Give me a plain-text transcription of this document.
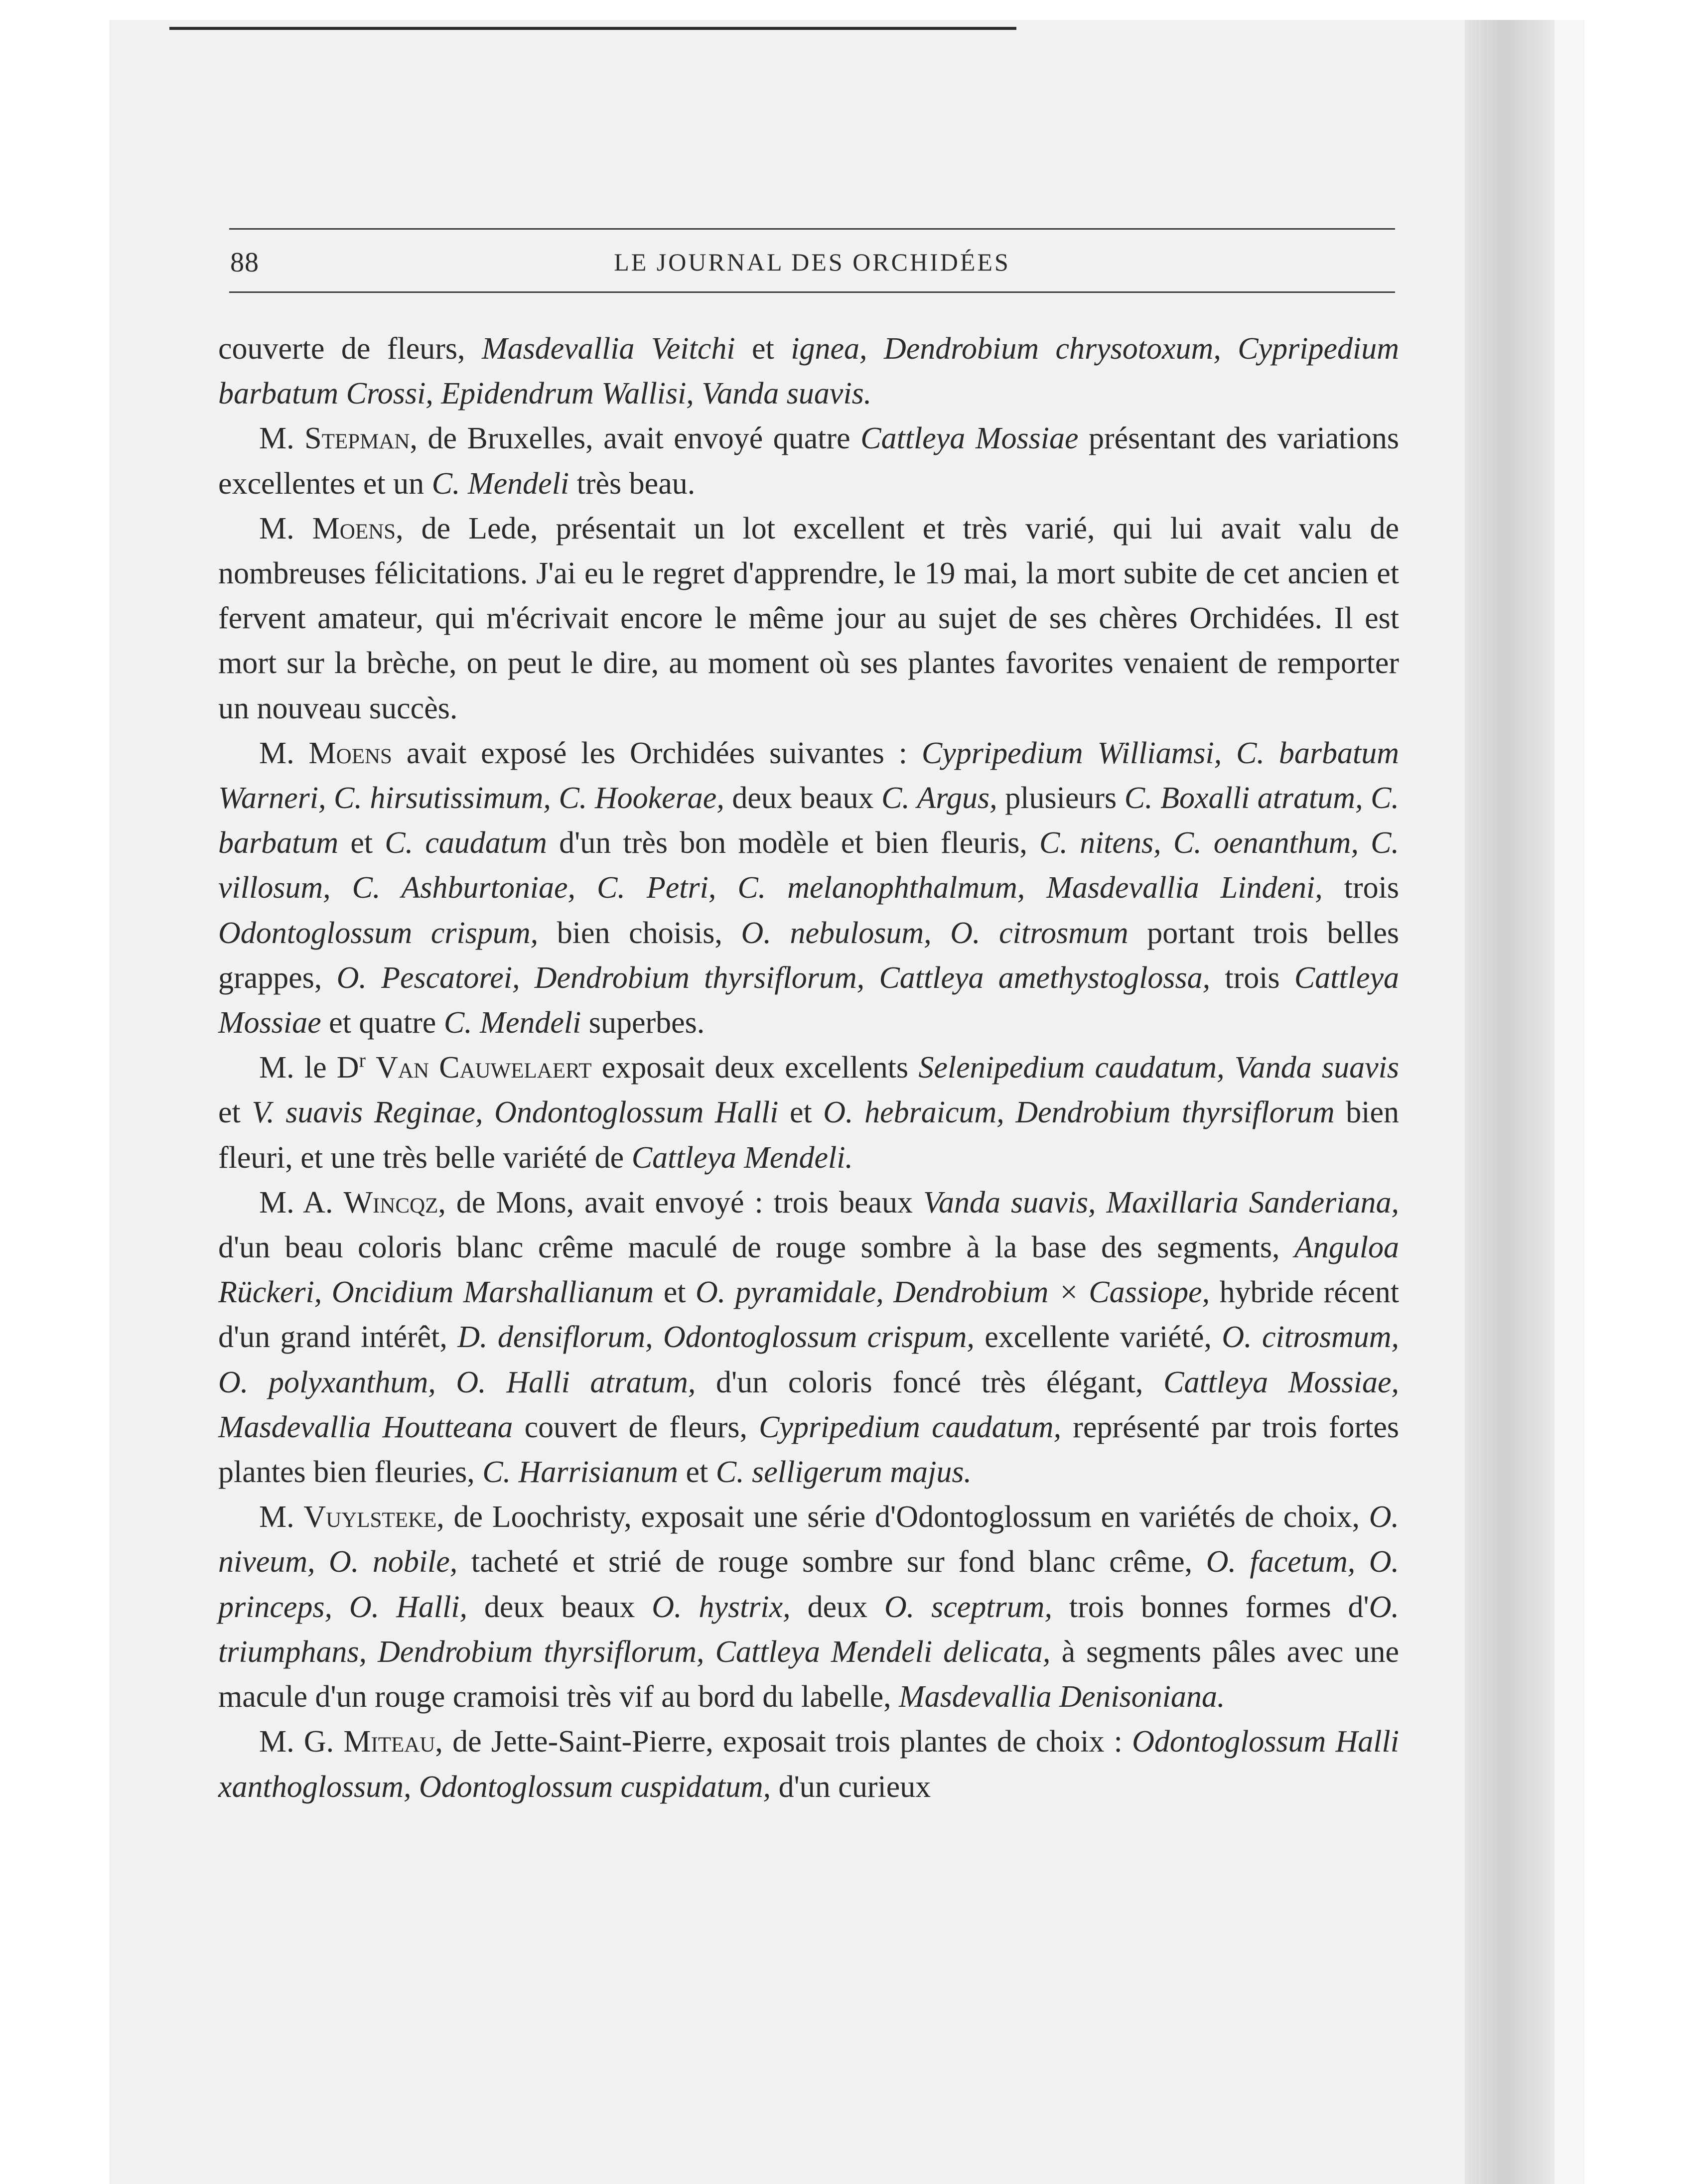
88	LE JOURNAL DES ORCHIDÉES

couverte de fleurs, Masdevallia Veitchi et ignea, Dendrobium chrysotoxum, Cypripedium barbatum Crossi, Epidendrum Wallisi, Vanda suavis.

M. Stepman, de Bruxelles, avait envoyé quatre Cattleya Mossiae présentant des variations excellentes et un C. Mendeli très beau.

M. Moens, de Lede, présentait un lot excellent et très varié, qui lui avait valu de nombreuses félicitations. J'ai eu le regret d'apprendre, le 19 mai, la mort subite de cet ancien et fervent amateur, qui m'écrivait encore le même jour au sujet de ses chères Orchidées. Il est mort sur la brèche, on peut le dire, au moment où ses plantes favorites venaient de remporter un nouveau succès.

M. Moens avait exposé les Orchidées suivantes : Cypripedium Williamsi, C. barbatum Warneri, C. hirsutissimum, C. Hookerae, deux beaux C. Argus, plusieurs C. Boxalli atratum, C. barbatum et C. caudatum d'un très bon modèle et bien fleuris, C. nitens, C. oenanthum, C. villosum, C. Ashburtoniae, C. Petri, C. melanophthalmum, Masdevallia Lindeni, trois Odontoglossum crispum, bien choisis, O. nebulosum, O. citrosmum portant trois belles grappes, O. Pescatorei, Dendrobium thyrsiflorum, Cattleya amethystoglossa, trois Cattleya Mossiae et quatre C. Mendeli superbes.

M. le $D^r$ Van Cauwelaert exposait deux excellents Selenipedium caudatum, Vanda suavis et V. suavis Reginae, Ondontoglossum Halli et O. hebraicum, Dendrobium thyrsiflorum bien fleuri, et une très belle variété de Cattleya Mendeli.

M. A. Wincqz, de Mons, avait envoyé : trois beaux Vanda suavis, Maxillaria Sanderiana, d'un beau coloris blanc crême maculé de rouge sombre à la base des segments, Anguloa Rückeri, Oncidium Marshallianum et O. pyramidale, Dendrobium × Cassiope, hybride récent d'un grand intérêt, D. densiflorum, Odontoglossum crispum, excellente variété, O. citrosmum, O. polyxanthum, O. Halli atratum, d'un coloris foncé très élégant, Cattleya Mossiae, Masdevallia Houtteana couvert de fleurs, Cypripedium caudatum, représenté par trois fortes plantes bien fleuries, C. Harrisianum et C. selligerum majus.

M. Vuylsteke, de Loochristy, exposait une série d'Odontoglossum en variétés de choix, O. niveum, O. nobile, tacheté et strié de rouge sombre sur fond blanc crême, O. facetum, O. princeps, O. Halli, deux beaux O. hystrix, deux O. sceptrum, trois bonnes formes d'O. triumphans, Dendrobium thyrsiflorum, Cattleya Mendeli delicata, à segments pâles avec une macule d'un rouge cramoisi très vif au bord du labelle, Masdevallia Denisoniana.

M. G. Miteau, de Jette-Saint-Pierre, exposait trois plantes de choix : Odontoglossum Halli xanthoglossum, Odontoglossum cuspidatum, d'un curieux
